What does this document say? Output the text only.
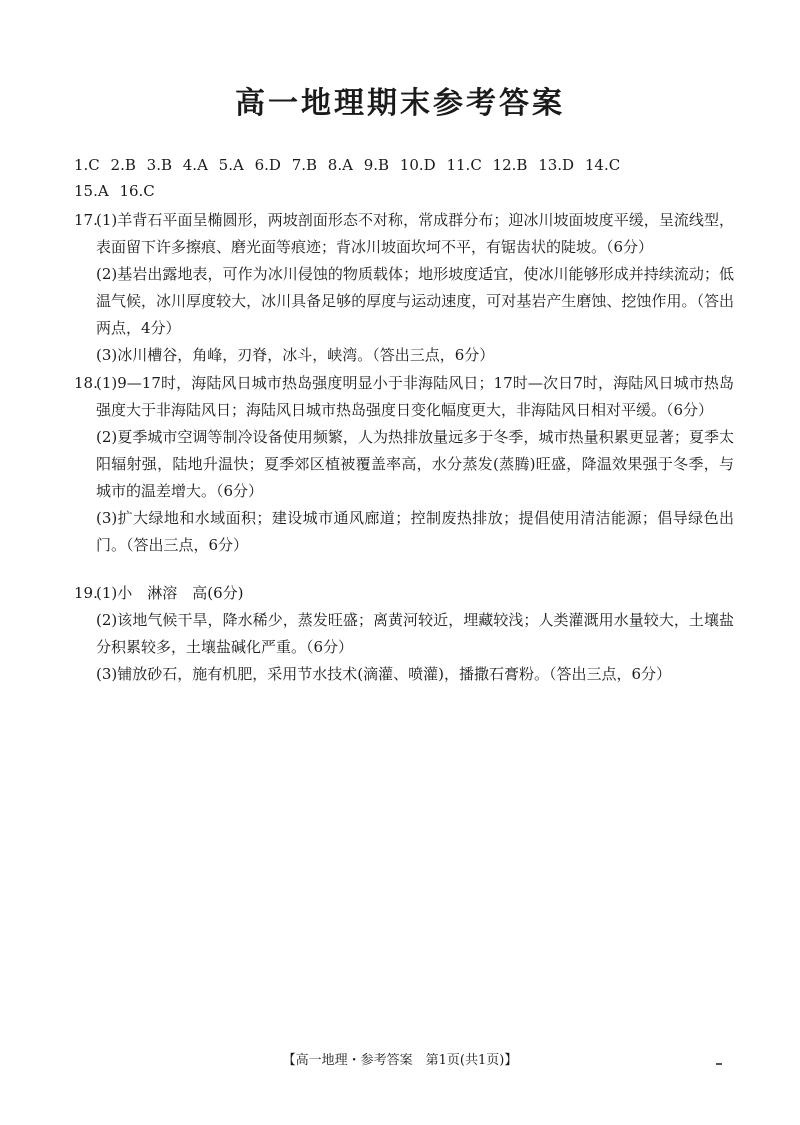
高一地理期末参考答案
1.C 2.B 3.B 4.A 5.A 6.D 7.B 8.A 9.B 10.D 11.C 12.B 13.D 14.C
15.A 16.C
17.
(1)羊背石平面呈椭圆形，两坡剖面形态不对称，常成群分布；迎冰川坡面坡度平缓，呈流线型，表面留下许多擦痕、磨光面等痕迹；背冰川坡面坎坷不平，有锯齿状的陡坡。（6分）
(2)基岩出露地表，可作为冰川侵蚀的物质载体；地形坡度适宜，使冰川能够形成并持续流动；低温气候，冰川厚度较大，冰川具备足够的厚度与运动速度，可对基岩产生磨蚀、挖蚀作用。（答出两点，4分）
(3)冰川槽谷，角峰，刃脊，冰斗，峡湾。（答出三点，6分）
18.
(1)9—17时，海陆风日城市热岛强度明显小于非海陆风日；17时—次日7时，海陆风日城市热岛强度大于非海陆风日；海陆风日城市热岛强度日变化幅度更大，非海陆风日相对平缓。（6分）
(2)夏季城市空调等制冷设备使用频繁，人为热排放量远多于冬季，城市热量积累更显著；夏季太阳辐射强，陆地升温快；夏季郊区植被覆盖率高，水分蒸发(蒸腾)旺盛，降温效果强于冬季，与城市的温差增大。（6分）
(3)扩大绿地和水域面积；建设城市通风廊道；控制废热排放；提倡使用清洁能源；倡导绿色出门。（答出三点，6分）
19.
(1)小　淋溶　高(6分)
(2)该地气候干旱，降水稀少，蒸发旺盛；离黄河较近，埋藏较浅；人类灌溉用水量较大，土壤盐分积累较多，土壤盐碱化严重。（6分）
(3)铺放砂石，施有机肥，采用节水技术(滴灌、喷灌)，播撒石膏粉。（答出三点，6分）
【高一地理・参考答案　第1页(共1页)】
